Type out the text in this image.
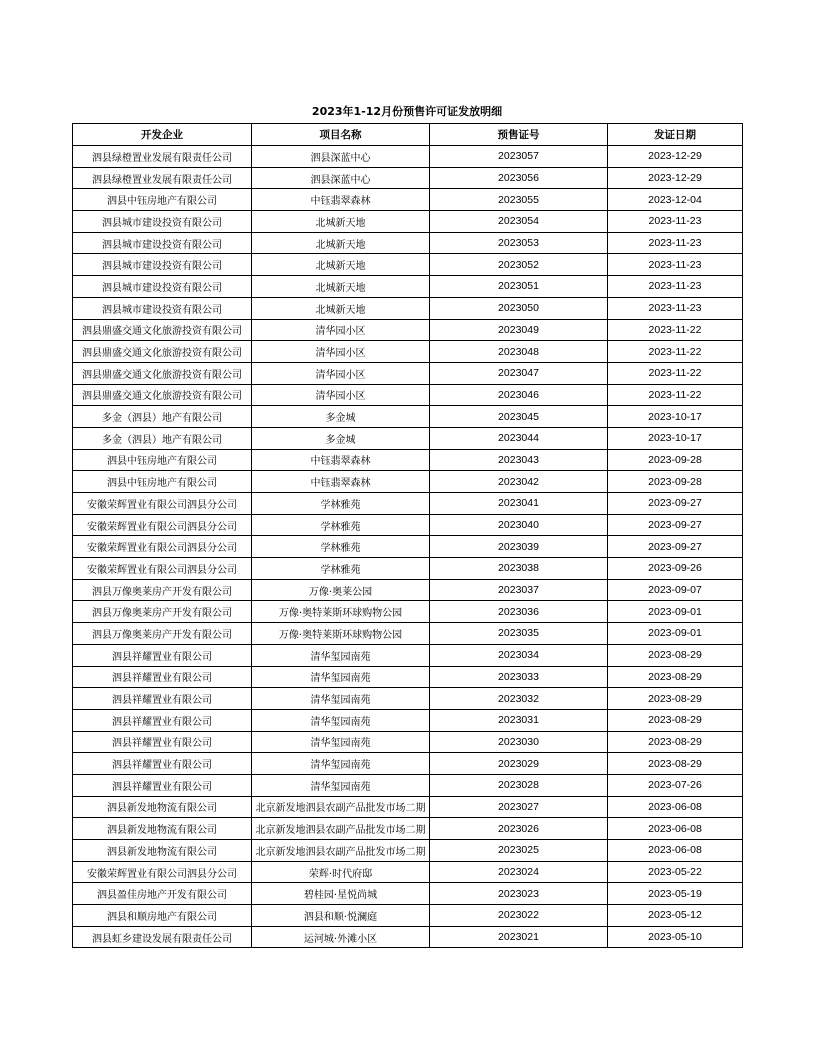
2023年1-12月份预售许可证发放明细
开发企业	项目名称	预售证号	发证日期
泗县绿橙置业发展有限责任公司	泗县深蓝中心	2023057	2023-12-29
泗县绿橙置业发展有限责任公司	泗县深蓝中心	2023056	2023-12-29
泗县中钰房地产有限公司	中钰翡翠森林	2023055	2023-12-04
泗县城市建设投资有限公司	北城新天地	2023054	2023-11-23
泗县城市建设投资有限公司	北城新天地	2023053	2023-11-23
泗县城市建设投资有限公司	北城新天地	2023052	2023-11-23
泗县城市建设投资有限公司	北城新天地	2023051	2023-11-23
泗县城市建设投资有限公司	北城新天地	2023050	2023-11-23
泗县鼎盛交通文化旅游投资有限公司	清华园小区	2023049	2023-11-22
泗县鼎盛交通文化旅游投资有限公司	清华园小区	2023048	2023-11-22
泗县鼎盛交通文化旅游投资有限公司	清华园小区	2023047	2023-11-22
泗县鼎盛交通文化旅游投资有限公司	清华园小区	2023046	2023-11-22
多金（泗县）地产有限公司	多金城	2023045	2023-10-17
多金（泗县）地产有限公司	多金城	2023044	2023-10-17
泗县中钰房地产有限公司	中钰翡翠森林	2023043	2023-09-28
泗县中钰房地产有限公司	中钰翡翠森林	2023042	2023-09-28
安徽荣辉置业有限公司泗县分公司	学林雅苑	2023041	2023-09-27
安徽荣辉置业有限公司泗县分公司	学林雅苑	2023040	2023-09-27
安徽荣辉置业有限公司泗县分公司	学林雅苑	2023039	2023-09-27
安徽荣辉置业有限公司泗县分公司	学林雅苑	2023038	2023-09-26
泗县万像奥莱房产开发有限公司	万像·奥莱公园	2023037	2023-09-07
泗县万像奥莱房产开发有限公司	万像·奥特莱斯环球购物公园	2023036	2023-09-01
泗县万像奥莱房产开发有限公司	万像·奥特莱斯环球购物公园	2023035	2023-09-01
泗县祥耀置业有限公司	清华玺园南苑	2023034	2023-08-29
泗县祥耀置业有限公司	清华玺园南苑	2023033	2023-08-29
泗县祥耀置业有限公司	清华玺园南苑	2023032	2023-08-29
泗县祥耀置业有限公司	清华玺园南苑	2023031	2023-08-29
泗县祥耀置业有限公司	清华玺园南苑	2023030	2023-08-29
泗县祥耀置业有限公司	清华玺园南苑	2023029	2023-08-29
泗县祥耀置业有限公司	清华玺园南苑	2023028	2023-07-26
泗县新发地物流有限公司	北京新发地泗县农副产品批发市场二期	2023027	2023-06-08
泗县新发地物流有限公司	北京新发地泗县农副产品批发市场二期	2023026	2023-06-08
泗县新发地物流有限公司	北京新发地泗县农副产品批发市场二期	2023025	2023-06-08
安徽荣辉置业有限公司泗县分公司	荣辉·时代府邸	2023024	2023-05-22
泗县盈佳房地产开发有限公司	碧桂园·星悦尚城	2023023	2023-05-19
泗县和顺房地产有限公司	泗县和顺·悦澜庭	2023022	2023-05-12
泗县虹乡建设发展有限责任公司	运河城·外滩小区	2023021	2023-05-10
